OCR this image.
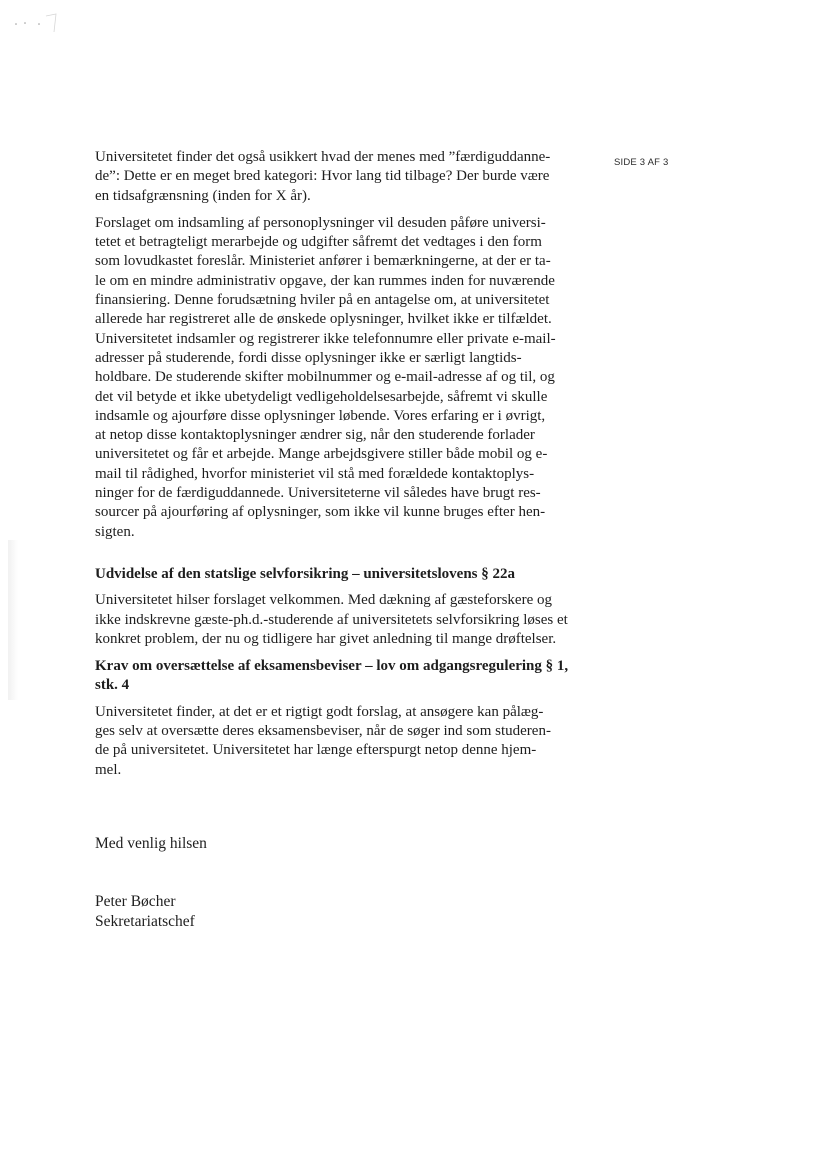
SIDE 3 AF 3

Universitetet finder det også usikkert hvad der menes med ”færdiguddanne-
de”: Dette er en meget bred kategori: Hvor lang tid tilbage? Der burde være
en tidsafgrænsning (inden for X år).

Forslaget om indsamling af personoplysninger vil desuden påføre universi-
tetet et betragteligt merarbejde og udgifter såfremt det vedtages i den form
som lovudkastet foreslår. Ministeriet anfører i bemærkningerne, at der er ta-
le om en mindre administrativ opgave, der kan rummes inden for nuværende
finansiering. Denne forudsætning hviler på en antagelse om, at universitetet
allerede har registreret alle de ønskede oplysninger, hvilket ikke er tilfældet.
Universitetet indsamler og registrerer ikke telefonnumre eller private e-mail-
adresser på studerende, fordi disse oplysninger ikke er særligt langtids-
holdbare. De studerende skifter mobilnummer og e-mail-adresse af og til, og
det vil betyde et ikke ubetydeligt vedligeholdelsesarbejde, såfremt vi skulle
indsamle og ajourføre disse oplysninger løbende. Vores erfaring er i øvrigt,
at netop disse kontaktoplysninger ændrer sig, når den studerende forlader
universitetet og får et arbejde. Mange arbejdsgivere stiller både mobil og e-
mail til rådighed, hvorfor ministeriet vil stå med forældede kontaktoplys-
ninger for de færdiguddannede. Universiteterne vil således have brugt res-
sourcer på ajourføring af oplysninger, som ikke vil kunne bruges efter hen-
sigten.

Udvidelse af den statslige selvforsikring – universitetslovens § 22a

Universitetet hilser forslaget velkommen. Med dækning af gæsteforskere og
ikke indskrevne gæste-ph.d.-studerende af universitetets selvforsikring løses et
konkret problem, der nu og tidligere har givet anledning til mange drøftelser.

Krav om oversættelse af eksamensbeviser – lov om adgangsregulering § 1,
stk. 4

Universitetet finder, at det er et rigtigt godt forslag, at ansøgere kan pålæg-
ges selv at oversætte deres eksamensbeviser, når de søger ind som studeren-
de på universitetet. Universitetet har længe efterspurgt netop denne hjem-
mel.

Med venlig hilsen

Peter Bøcher
Sekretariatschef
